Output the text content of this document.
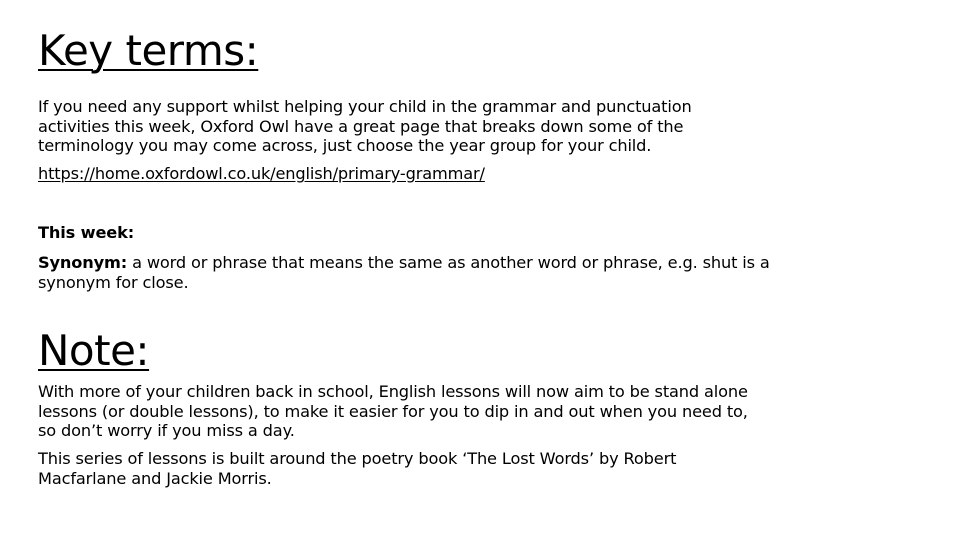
Key terms:

If you need any support whilst helping your child in the grammar and punctuation
activities this week, Oxford Owl have a great page that breaks down some of the
terminology you may come across, just choose the year group for your child.

https://home.oxfordowl.co.uk/english/primary-grammar/

This week:

Synonym: a word or phrase that means the same as another word or phrase, e.g. shut is a
synonym for close.

Note:

With more of your children back in school, English lessons will now aim to be stand alone
lessons (or double lessons), to make it easier for you to dip in and out when you need to,
so don’t worry if you miss a day.

This series of lessons is built around the poetry book ‘The Lost Words’ by Robert
Macfarlane and Jackie Morris.
